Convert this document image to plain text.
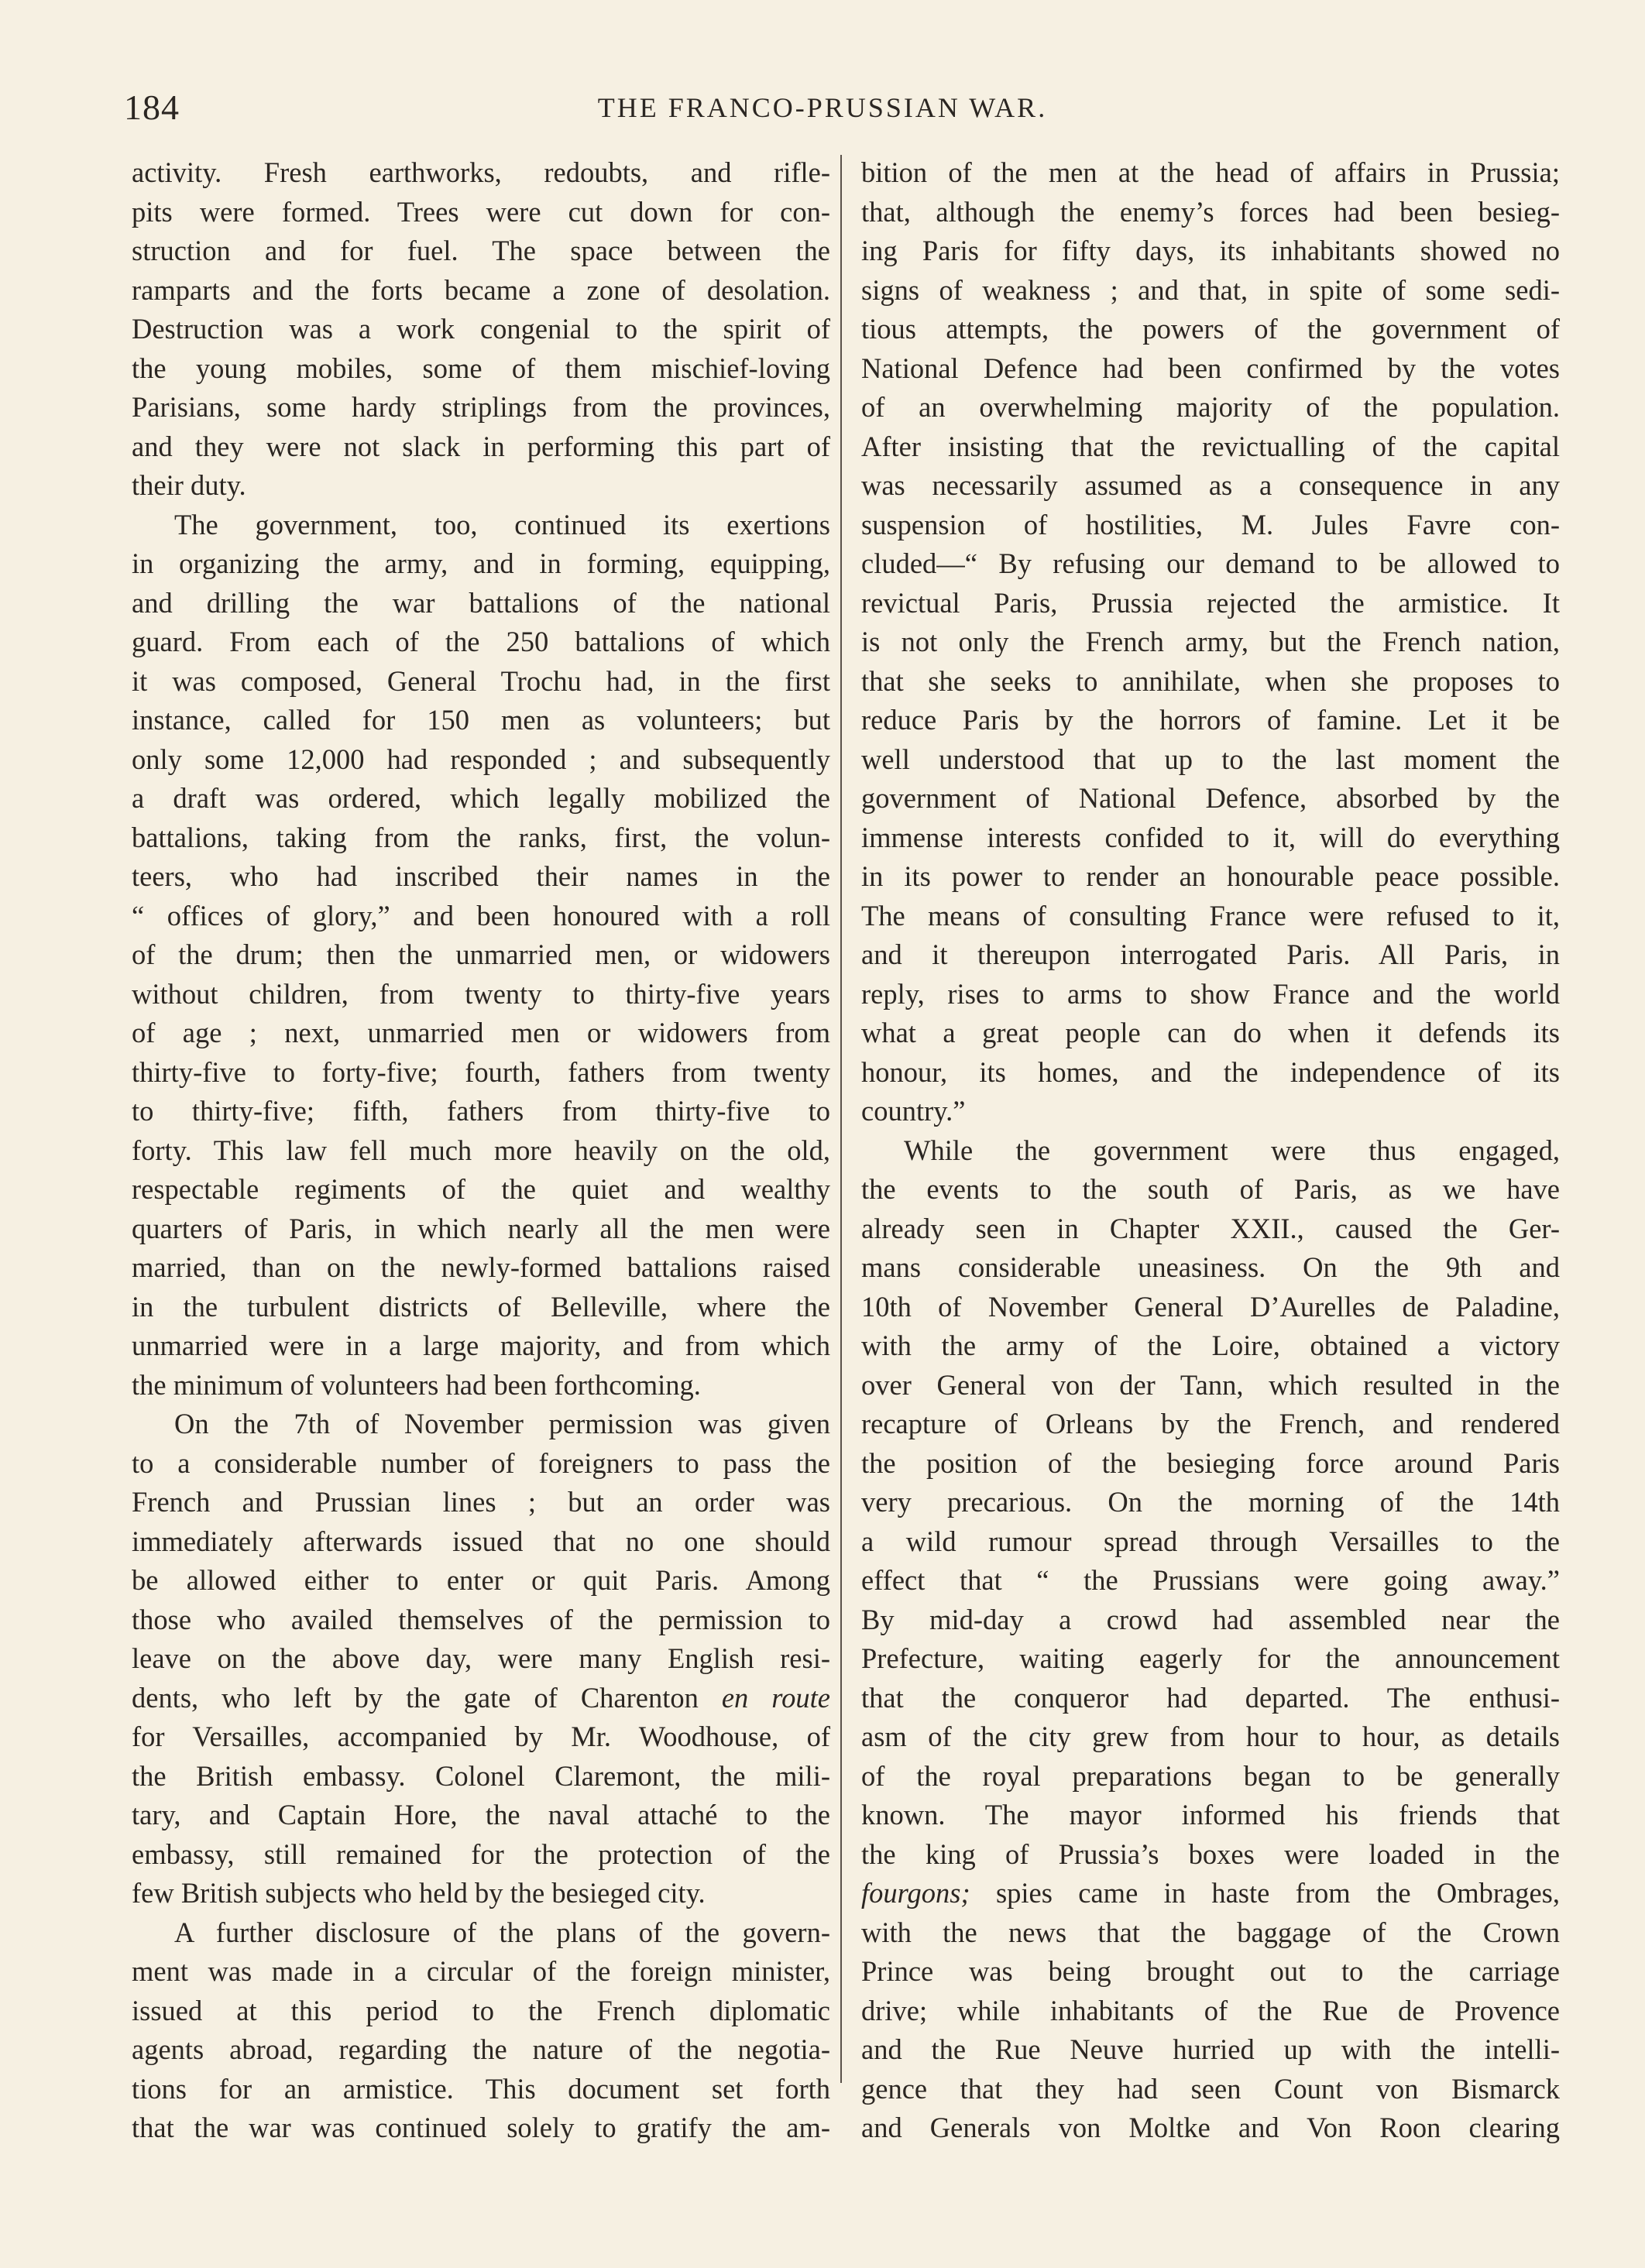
184	THE FRANCO-PRUSSIAN WAR.
activity. Fresh earthworks, redoubts, and rifle-
pits were formed. Trees were cut down for con-
struction and for fuel. The space between the
ramparts and the forts became a zone of desolation.
Destruction was a work congenial to the spirit of
the young mobiles, some of them mischief-loving
Parisians, some hardy striplings from the provinces,
and they were not slack in performing this part of
their duty.
The government, too, continued its exertions
in organizing the army, and in forming, equipping,
and drilling the war battalions of the national
guard. From each of the 250 battalions of which
it was composed, General Trochu had, in the first
instance, called for 150 men as volunteers; but
only some 12,000 had responded ; and subsequently
a draft was ordered, which legally mobilized the
battalions, taking from the ranks, first, the volun-
teers, who had inscribed their names in the
“ offices of glory,” and been honoured with a roll
of the drum; then the unmarried men, or widowers
without children, from twenty to thirty-five years
of age ; next, unmarried men or widowers from
thirty-five to forty-five; fourth, fathers from twenty
to thirty-five; fifth, fathers from thirty-five to
forty. This law fell much more heavily on the old,
respectable regiments of the quiet and wealthy
quarters of Paris, in which nearly all the men were
married, than on the newly-formed battalions raised
in the turbulent districts of Belleville, where the
unmarried were in a large majority, and from which
the minimum of volunteers had been forthcoming.
On the 7th of November permission was given
to a considerable number of foreigners to pass the
French and Prussian lines ; but an order was
immediately afterwards issued that no one should
be allowed either to enter or quit Paris. Among
those who availed themselves of the permission to
leave on the above day, were many English resi-
dents, who left by the gate of Charenton en route
for Versailles, accompanied by Mr. Woodhouse, of
the British embassy. Colonel Claremont, the mili-
tary, and Captain Hore, the naval attaché to the
embassy, still remained for the protection of the
few British subjects who held by the besieged city.
A further disclosure of the plans of the govern-
ment was made in a circular of the foreign minister,
issued at this period to the French diplomatic
agents abroad, regarding the nature of the negotia-
tions for an armistice. This document set forth
that the war was continued solely to gratify the am-
bition of the men at the head of affairs in Prussia;
that, although the enemy’s forces had been besieg-
ing Paris for fifty days, its inhabitants showed no
signs of weakness ; and that, in spite of some sedi-
tious attempts, the powers of the government of
National Defence had been confirmed by the votes
of an overwhelming majority of the population.
After insisting that the revictualling of the capital
was necessarily assumed as a consequence in any
suspension of hostilities, M. Jules Favre con-
cluded—“ By refusing our demand to be allowed to
revictual Paris, Prussia rejected the armistice. It
is not only the French army, but the French nation,
that she seeks to annihilate, when she proposes to
reduce Paris by the horrors of famine. Let it be
well understood that up to the last moment the
government of National Defence, absorbed by the
immense interests confided to it, will do everything
in its power to render an honourable peace possible.
The means of consulting France were refused to it,
and it thereupon interrogated Paris. All Paris, in
reply, rises to arms to show France and the world
what a great people can do when it defends its
honour, its homes, and the independence of its
country.”
While the government were thus engaged,
the events to the south of Paris, as we have
already seen in Chapter XXII., caused the Ger-
mans considerable uneasiness. On the 9th and
10th of November General D’Aurelles de Paladine,
with the army of the Loire, obtained a victory
over General von der Tann, which resulted in the
recapture of Orleans by the French, and rendered
the position of the besieging force around Paris
very precarious. On the morning of the 14th
a wild rumour spread through Versailles to the
effect that “ the Prussians were going away.”
By mid-day a crowd had assembled near the
Prefecture, waiting eagerly for the announcement
that the conqueror had departed. The enthusi-
asm of the city grew from hour to hour, as details
of the royal preparations began to be generally
known. The mayor informed his friends that
the king of Prussia’s boxes were loaded in the
fourgons; spies came in haste from the Ombrages,
with the news that the baggage of the Crown
Prince was being brought out to the carriage
drive; while inhabitants of the Rue de Provence
and the Rue Neuve hurried up with the intelli-
gence that they had seen Count von Bismarck
and Generals von Moltke and Von Roon clearing
